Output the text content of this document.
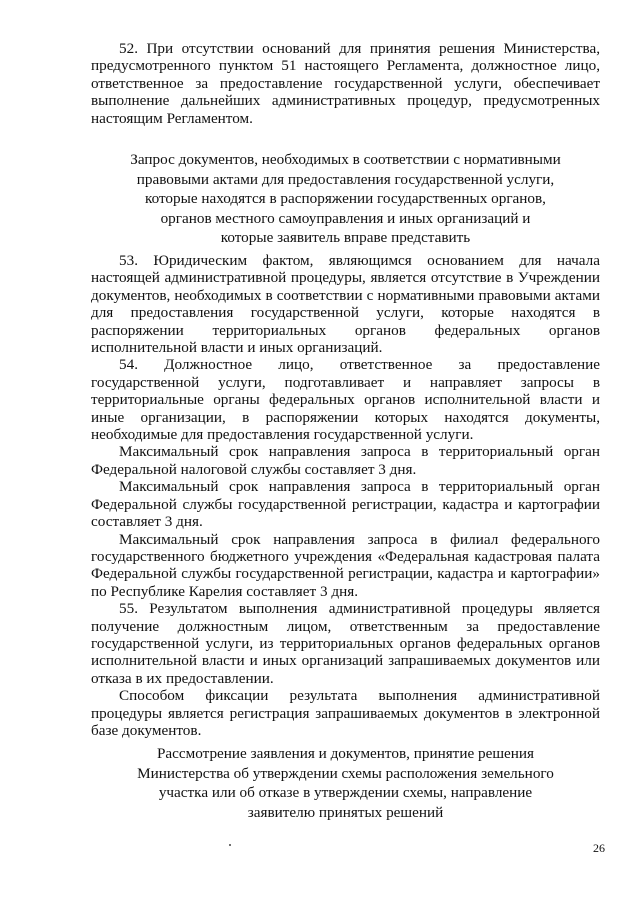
52. При отсутствии оснований для принятия решения Министерства, предусмотренного пунктом 51 настоящего Регламента, должностное лицо, ответственное за предоставление государственной услуги, обеспечивает выполнение дальнейших административных процедур, предусмотренных настоящим Регламентом.

Запрос документов, необходимых в соответствии с нормативными
правовыми актами для предоставления государственной услуги,
которые находятся в распоряжении государственных органов,
органов местного самоуправления и иных организаций и
которые заявитель вправе представить

53. Юридическим фактом, являющимся основанием для начала настоящей административной процедуры, является отсутствие в Учреждении документов, необходимых в соответствии с нормативными правовыми актами для предоставления государственной услуги, которые находятся в распоряжении территориальных органов федеральных органов исполнительной власти и иных организаций.

54. Должностное лицо, ответственное за предоставление государственной услуги, подготавливает и направляет запросы в территориальные органы федеральных органов исполнительной власти и иные организации, в распоряжении которых находятся документы, необходимые для предоставления государственной услуги.

Максимальный срок направления запроса в территориальный орган Федеральной налоговой службы составляет 3 дня.

Максимальный срок направления запроса в территориальный орган Федеральной службы государственной регистрации, кадастра и картографии составляет 3 дня.

Максимальный срок направления запроса в филиал федерального государственного бюджетного учреждения «Федеральная кадастровая палата Федеральной службы государственной регистрации, кадастра и картографии» по Республике Карелия составляет 3 дня.

55. Результатом выполнения административной процедуры является получение должностным лицом, ответственным за предоставление государственной услуги, из территориальных органов федеральных органов исполнительной власти и иных организаций запрашиваемых документов или отказа в их предоставлении.

Способом фиксации результата выполнения административной процедуры является регистрация запрашиваемых документов в электронной базе документов.

Рассмотрение заявления и документов, принятие решения
Министерства об утверждении схемы расположения земельного
участка или об отказе в утверждении схемы, направление
заявителю принятых решений
26
